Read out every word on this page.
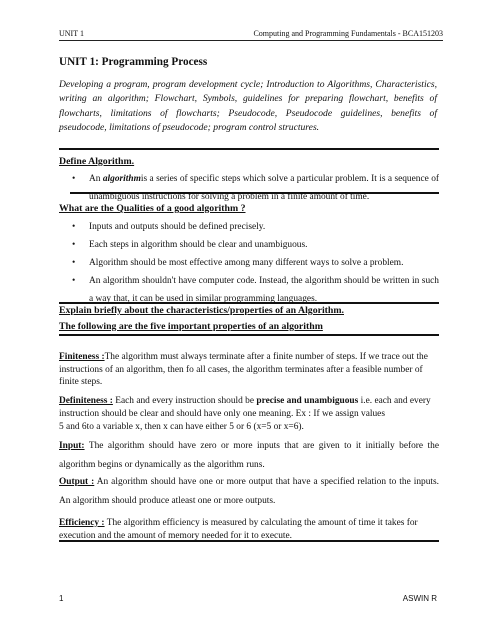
UNIT 1	Computing and Programming Fundamentals - BCA151203
UNIT 1: Programming Process
Developing a program, program development cycle; Introduction to Algorithms, Characteristics, writing an algorithm; Flowchart, Symbols, guidelines for preparing flowchart, benefits of flowcharts, limitations of flowcharts; Pseudocode, Pseudocode guidelines, benefits of pseudocode, limitations of pseudocode; program control structures.
Define Algorithm.
• An algorithmis a series of specific steps which solve a particular problem. It is a sequence of unambiguous instructions for solving a problem in a finite amount of time.
What are the Qualities of a good algorithm ?
• Inputs and outputs should be defined precisely.
• Each steps in algorithm should be clear and unambiguous.
• Algorithm should be most effective among many different ways to solve a problem.
• An algorithm shouldn't have computer code. Instead, the algorithm should be written in such a way that, it can be used in similar programming languages.
Explain briefly about the characteristics/properties of an Algorithm.
The following are the five important properties of an algorithm
Finiteness :The algorithm must always terminate after a finite number of steps. If we trace out the instructions of an algorithm, then fo all cases, the algorithm terminates after a feasible number of finite steps.
Definiteness : Each and every instruction should be precise and unambiguous i.e. each and every instruction should be clear and should have only one meaning. Ex : If we assign values
5 and 6to a variable x, then x can have either 5 or 6 (x=5 or x=6).
Input: The algorithm should have zero or more inputs that are given to it initially before the algorithm begins or dynamically as the algorithm runs.
Output : An algorithm should have one or more output that have a specified relation to the inputs. An algorithm should produce atleast one or more outputs.
Efficiency : The algorithm efficiency is measured by calculating the amount of time it takes for execution and the amount of memory needed for it to execute.
1	ASWIN R
